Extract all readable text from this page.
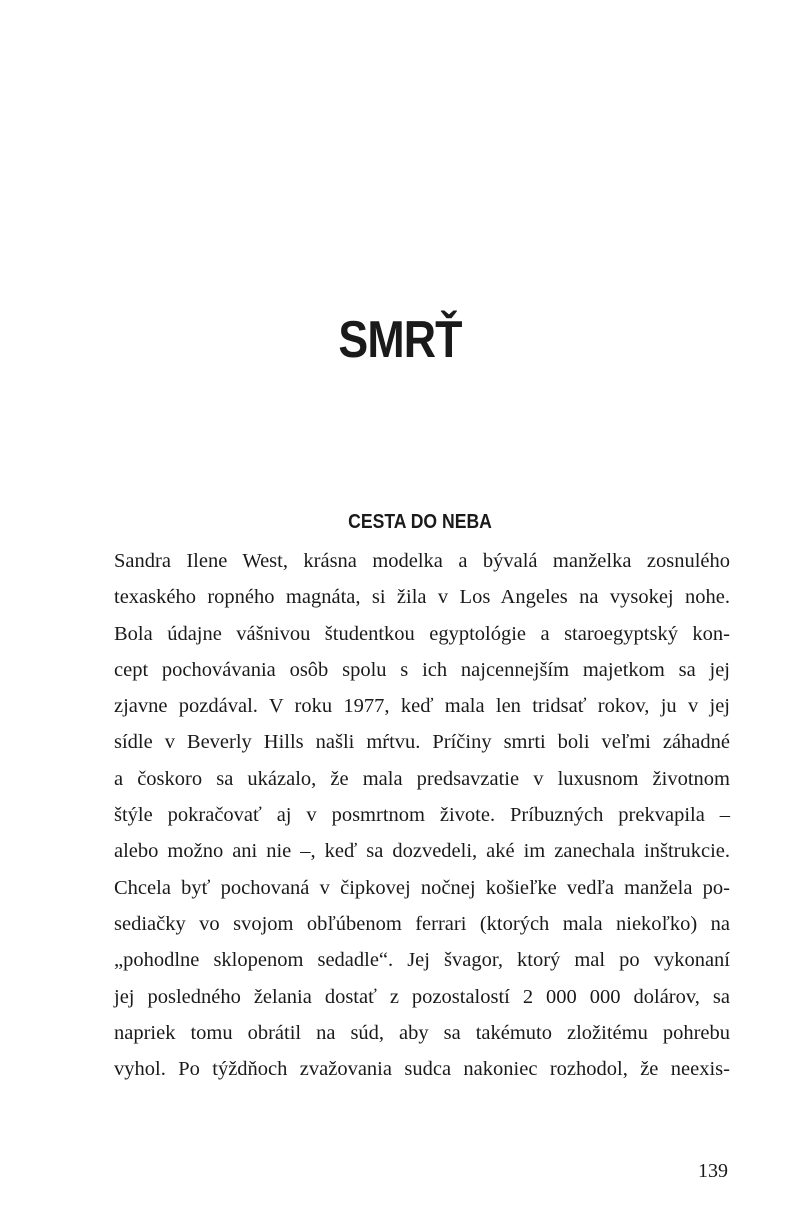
SMRŤ
CESTA DO NEBA
Sandra Ilene West, krásna modelka a bývalá manželka zosnulého
texaského ropného magnáta, si žila v Los Angeles na vysokej nohe.
Bola údajne vášnivou študentkou egyptológie a staroegyptský kon-
cept pochovávania osôb spolu s ich najcennejším majetkom sa jej
zjavne pozdával. V roku 1977, keď mala len tridsať rokov, ju v jej
sídle v Beverly Hills našli mŕtvu. Príčiny smrti boli veľmi záhadné
a čoskoro sa ukázalo, že mala predsavzatie v luxusnom životnom
štýle pokračovať aj v posmrtnom živote. Príbuzných prekvapila –
alebo možno ani nie –, keď sa dozvedeli, aké im zanechala inštrukcie.
Chcela byť pochovaná v čipkovej nočnej košieľke vedľa manžela po-
sediačky vo svojom obľúbenom ferrari (ktorých mala niekoľko) na
„pohodlne sklopenom sedadle“. Jej švagor, ktorý mal po vykonaní
jej posledného želania dostať z pozostalostí 2 000 000 dolárov, sa
napriek tomu obrátil na súd, aby sa takémuto zložitému pohrebu
vyhol. Po týždňoch zvažovania sudca nakoniec rozhodol, že neexis-
139
